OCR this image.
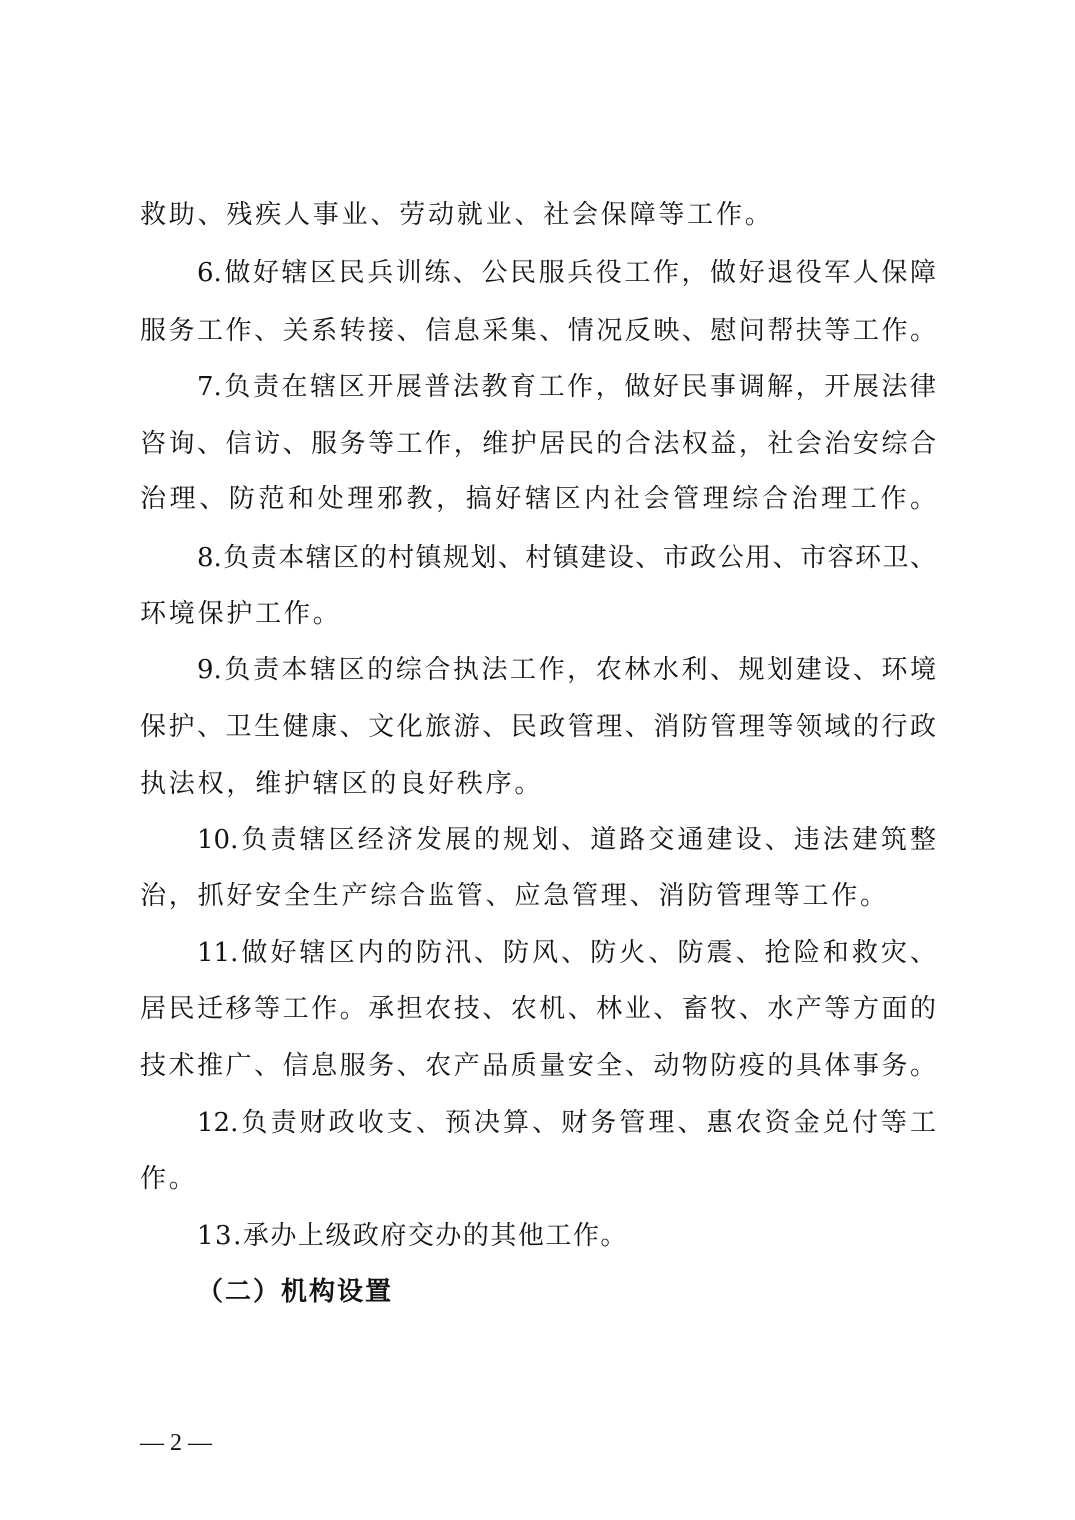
救助、残疾人事业、劳动就业、社会保障等工作。
6.做好辖区民兵训练、公民服兵役工作，做好退役军人保障
服务工作、关系转接、信息采集、情况反映、慰问帮扶等工作。
7.负责在辖区开展普法教育工作，做好民事调解，开展法律
咨询、信访、服务等工作，维护居民的合法权益，社会治安综合
治理、防范和处理邪教，搞好辖区内社会管理综合治理工作。
8.负责本辖区的村镇规划、村镇建设、市政公用、市容环卫、
环境保护工作。
9.负责本辖区的综合执法工作，农林水利、规划建设、环境
保护、卫生健康、文化旅游、民政管理、消防管理等领域的行政
执法权，维护辖区的良好秩序。
10.负责辖区经济发展的规划、道路交通建设、违法建筑整
治，抓好安全生产综合监管、应急管理、消防管理等工作。
11.做好辖区内的防汛、防风、防火、防震、抢险和救灾、
居民迁移等工作。承担农技、农机、林业、畜牧、水产等方面的
技术推广、信息服务、农产品质量安全、动物防疫的具体事务。
12.负责财政收支、预决算、财务管理、惠农资金兑付等工
作。
13.承办上级政府交办的其他工作。
（二）机构设置
— 2 —
